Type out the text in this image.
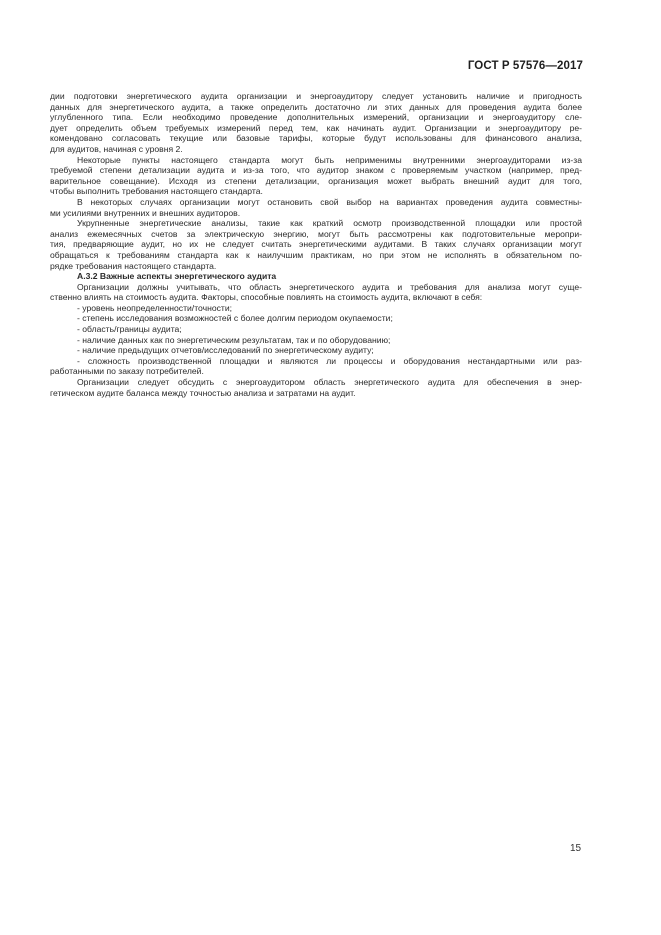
ГОСТ Р 57576—2017
дии подготовки энергетического аудита организации и энергоаудитору следует установить наличие и пригодность
данных для энергетического аудита, а также определить достаточно ли этих данных для проведения аудита более
углубленного типа. Если необходимо проведение дополнительных измерений, организации и энергоаудитору сле-
дует определить объем требуемых измерений перед тем, как начинать аудит. Организации и энергоаудитору ре-
комендовано согласовать текущие или базовые тарифы, которые будут использованы для финансового анализа,
для аудитов, начиная с уровня 2.
Некоторые пункты настоящего стандарта могут быть неприменимы внутренними энергоаудиторами из-за
требуемой степени детализации аудита и из-за того, что аудитор знаком с проверяемым участком (например, пред-
варительное совещание). Исходя из степени детализации, организация может выбрать внешний аудит для того,
чтобы выполнить требования настоящего стандарта.
В некоторых случаях организации могут остановить свой выбор на вариантах проведения аудита совместны-
ми усилиями внутренних и внешних аудиторов.
Укрупненные энергетические анализы, такие как краткий осмотр производственной площадки или простой
анализ ежемесячных счетов за электрическую энергию, могут быть рассмотрены как подготовительные меропри-
тия, предваряющие аудит, но их не следует считать энергетическими аудитами. В таких случаях организации могут
обращаться к требованиям стандарта как к наилучшим практикам, но при этом не исполнять в обязательном по-
рядке требования настоящего стандарта.
А.3.2 Важные аспекты энергетического аудита
Организации должны учитывать, что область энергетического аудита и требования для анализа могут суще-
ственно влиять на стоимость аудита. Факторы, способные повлиять на стоимость аудита, включают в себя:
- уровень неопределенности/точности;
- степень исследования возможностей с более долгим периодом окупаемости;
- область/границы аудита;
- наличие данных как по энергетическим результатам, так и по оборудованию;
- наличие предыдущих отчетов/исследований по энергетическому аудиту;
- сложность производственной площадки и являются ли процессы и оборудования нестандартными или раз-
работанными по заказу потребителей.
Организации следует обсудить с энергоаудитором область энергетического аудита для обеспечения в энер-
гетическом аудите баланса между точностью анализа и затратами на аудит.
15
